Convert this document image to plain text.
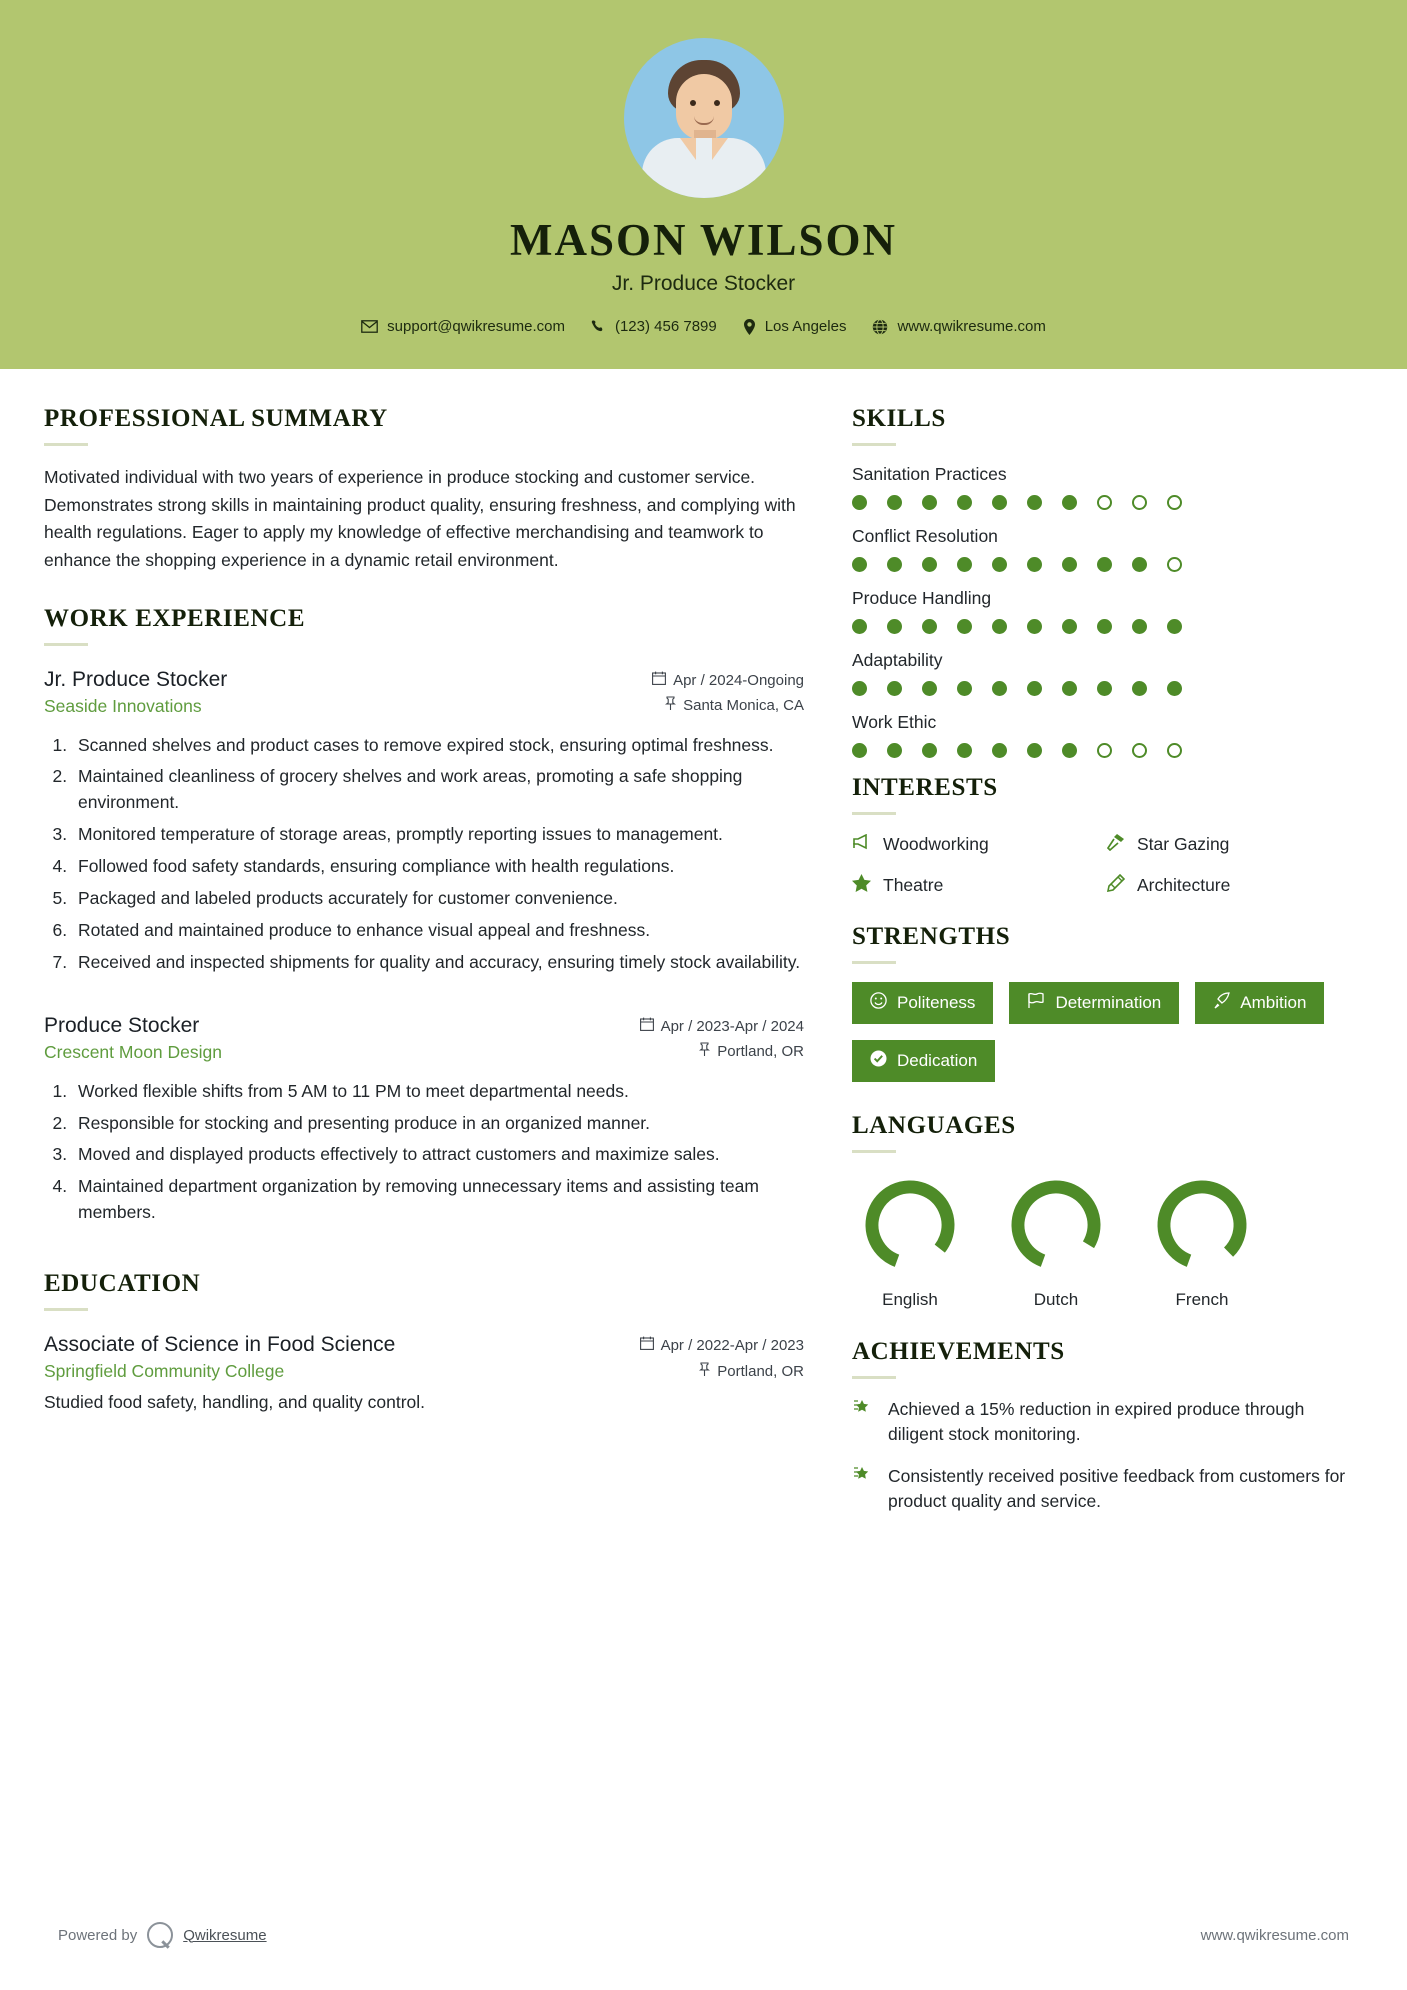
MASON WILSON
Jr. Produce Stocker
support@qwikresume.com	(123) 456 7899	Los Angeles	www.qwikresume.com
PROFESSIONAL SUMMARY

Motivated individual with two years of experience in produce stocking and customer service. Demonstrates strong skills in maintaining product quality, ensuring freshness, and complying with health regulations. Eager to apply my knowledge of effective merchandising and teamwork to enhance the shopping experience in a dynamic retail environment.

WORK EXPERIENCE
Jr. Produce Stocker
Seaside Innovations
Apr / 2024-Ongoing
Santa Monica, CA
1. Scanned shelves and product cases to remove expired stock, ensuring optimal freshness.
2. Maintained cleanliness of grocery shelves and work areas, promoting a safe shopping environment.
3. Monitored temperature of storage areas, promptly reporting issues to management.
4. Followed food safety standards, ensuring compliance with health regulations.
5. Packaged and labeled products accurately for customer convenience.
6. Rotated and maintained produce to enhance visual appeal and freshness.
7. Received and inspected shipments for quality and accuracy, ensuring timely stock availability.
Produce Stocker
Crescent Moon Design
Apr / 2023-Apr / 2024
Portland, OR
1. Worked flexible shifts from 5 AM to 11 PM to meet departmental needs.
2. Responsible for stocking and presenting produce in an organized manner.
3. Moved and displayed products effectively to attract customers and maximize sales.
4. Maintained department organization by removing unnecessary items and assisting team members.
EDUCATION
Associate of Science in Food Science
Springfield Community College
Apr / 2022-Apr / 2023
Portland, OR
Studied food safety, handling, and quality control.
SKILLS
Sanitation Practices
Conflict Resolution
Produce Handling
Adaptability
Work Ethic
INTERESTS
Woodworking	Star Gazing
Theatre	Architecture
STRENGTHS
Politeness	Determination	Ambition
Dedication
LANGUAGES
English	Dutch	French
ACHIEVEMENTS
Achieved a 15% reduction in expired produce through diligent stock monitoring.
Consistently received positive feedback from customers for product quality and service.
Powered by	Qwikresume	www.qwikresume.com
